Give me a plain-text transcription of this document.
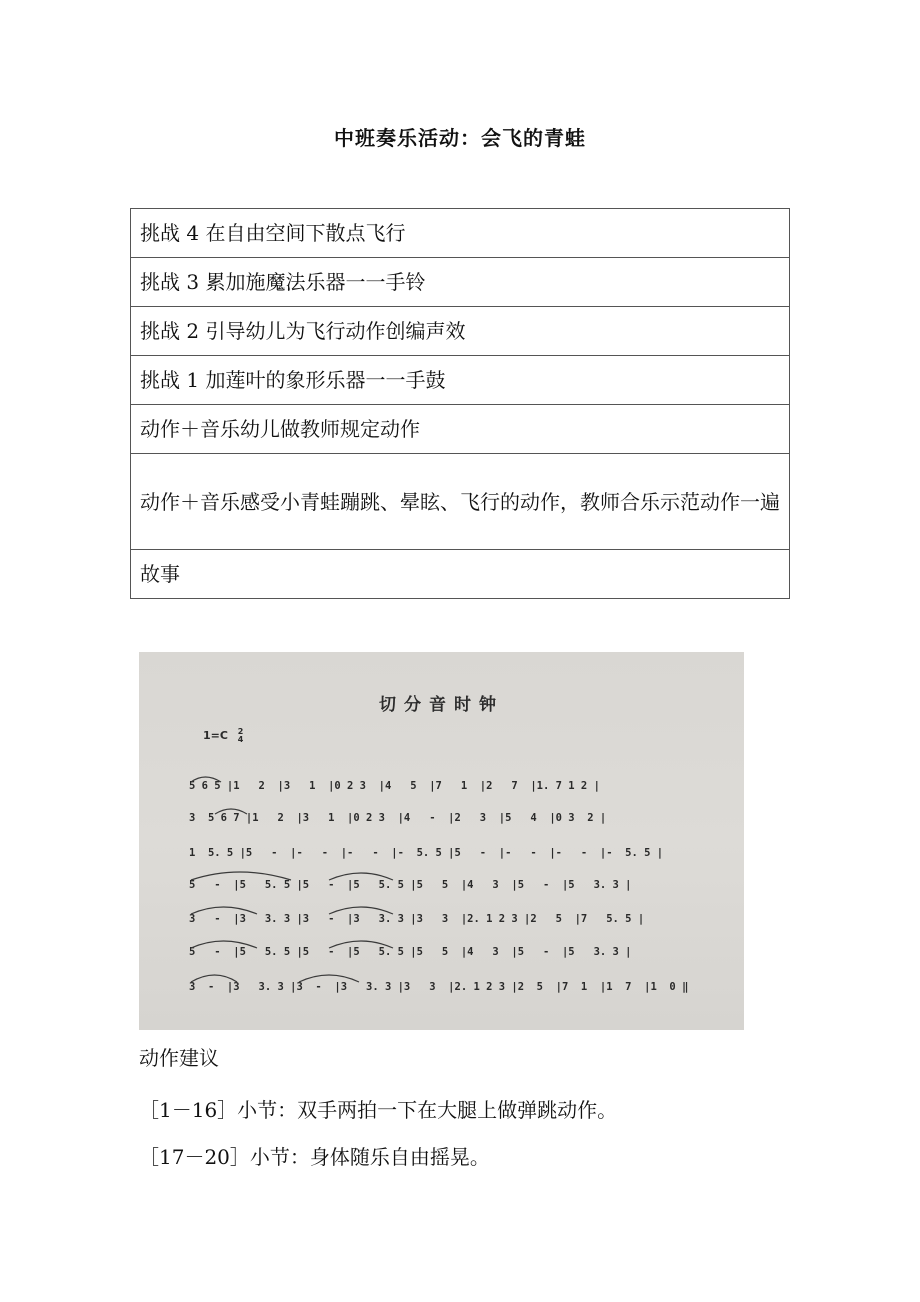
中班奏乐活动：会飞的青蛙
挑战 4 在自由空间下散点飞行
挑战 3 累加施魔法乐器一一手铃
挑战 2 引导幼儿为飞行动作创编声效
挑战 1 加莲叶的象形乐器一一手鼓
动作＋音乐幼儿做教师规定动作
动作＋音乐感受小青蛙蹦跳、晕眩、飞行的动作，教师合乐示范动作一遍
故事
切分音时钟
1=C 2
4
5 6 5 |1   2  |3   1  |0 2 3  |4   5  |7   1  |2   7  |1. 7 1 2 |
3  5 6 7 |1   2  |3   1  |0 2 3  |4   -  |2   3  |5   4  |0 3  2 |
1  5. 5 |5   -  |-   -  |-   -  |-  5. 5 |5   -  |-   -  |-   -  |-  5. 5 |
5   -  |5   5. 5 |5   -  |5   5. 5 |5   5  |4   3  |5   -  |5   3. 3 |
3   -  |3   3. 3 |3   -  |3   3. 3 |3   3  |2. 1 2 3 |2   5  |7   5. 5 |
5   -  |5   5. 5 |5   -  |5   5. 5 |5   5  |4   3  |5   -  |5   3. 3 |
3  -  |3   3. 3 |3  -  |3   3. 3 |3   3  |2. 1 2 3 |2  5  |7  1  |1  7  |1  0 ‖
动作建议
［1－16］小节：双手两拍一下在大腿上做弹跳动作。
［17－20］小节：身体随乐自由摇晃。
